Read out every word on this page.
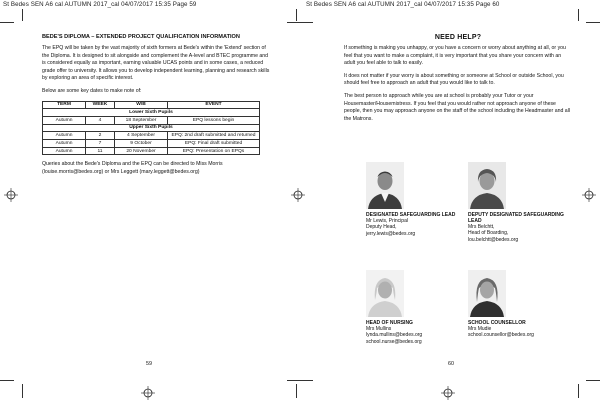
St Bedes SEN A6 cal AUTUMN 2017_cal 04/07/2017 15:35 Page 59	St Bedes SEN A6 cal AUTUMN 2017_cal 04/07/2017 15:35 Page 60
BEDE'S DIPLOMA – EXTENDED PROJECT QUALIFICATION INFORMATION

The EPQ will be taken by the vast majority of sixth formers at Bede's within the 'Extend' section of the Diploma. It is designed to sit alongside and complement the A-level and BTEC programme and is considered equally as important, earning valuable UCAS points and in some cases, a reduced grade offer to university. It allows you to develop independent learning, planning and research skills by exploring an area of specific interest.

Below are some key dates to make note of:

TERM	WEEK	W/B	EVENT
Lower Sixth Pupils			
Autumn	4	18 September	EPQ lessons begin
Upper Sixth Pupils			
Autumn	2	4 September	EPQ: 2nd draft submitted and returned
Autumn	7	9 October	EPQ: Final draft submitted
Autumn	11	20 November	EPQ: Presentation on EPQs

Queries about the Bede's Diploma and the EPQ can be directed to Miss Morris (louise.morris@bedes.org) or Mrs Leggett (mary.leggett@bedes.org)

59
NEED HELP?

If something is making you unhappy, or you have a concern or worry about anything at all, or you feel that you want to make a complaint, it is very important that you share your concern with an adult you feel able to talk to easily.

It does not matter if your worry is about something or someone at School or outside School, you should feel free to approach an adult that you would like to talk to.

The best person to approach while you are at school is probably your Tutor or your Housemaster/Housemistress. If you feel that you would rather not approach anyone of these people, then you may approach anyone on the staff of the school including the Headmaster and all the Matrons.

DESIGNATED SAFEGUARDING LEAD
Mr Lewis, Principal
Deputy Head,
jerry.lewis@bedes.org
DEPUTY DESIGNATED SAFEGUARDING LEAD
Mrs Belchtt,
Head of Boarding,
lou.belchtt@bedes.org
HEAD OF NURSING
Mrs Mullins
lynda.mullins@bedes.org
school.nurse@bedes.org
SCHOOL COUNSELLOR
Mrs Mudie
school.counsellor@bedes.org
60
